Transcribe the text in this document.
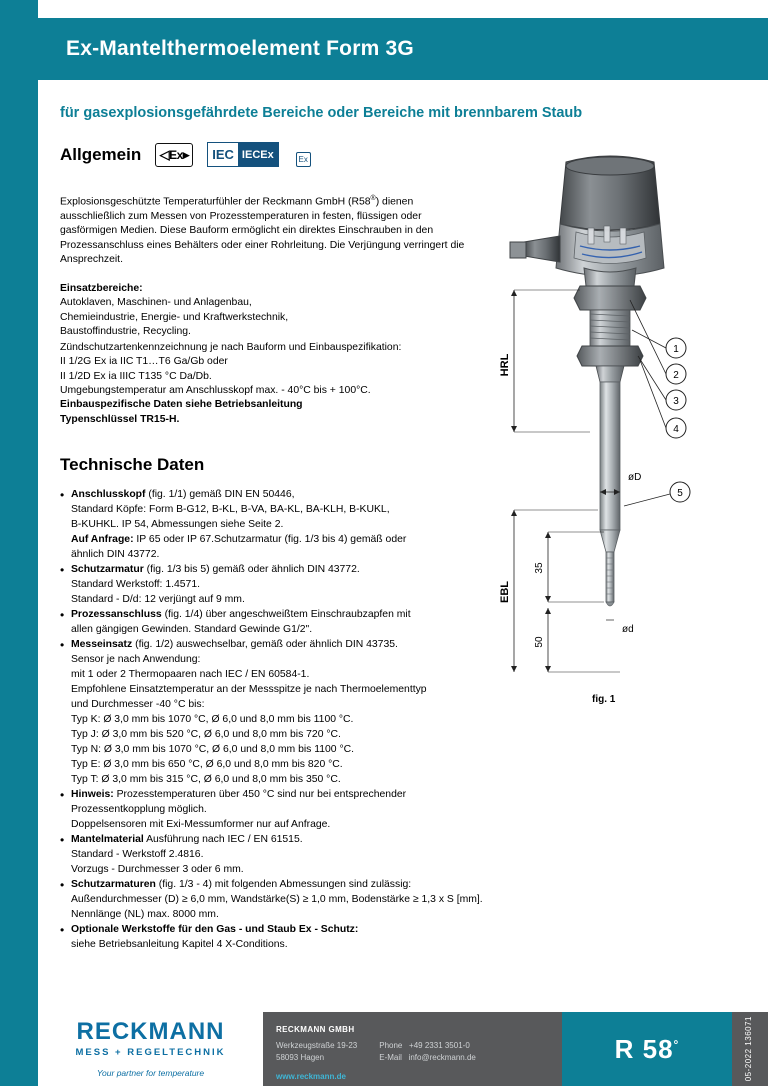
Ex-Mantelthermoelement Form 3G
für gasexplosionsgefährdete Bereiche oder Bereiche mit brennbarem Staub
Allgemein ◁ Ex ▸	IEC IECEx	Ex

Explosionsgeschützte Temperaturfühler der Reckmann GmbH (R58®) dienen ausschließlich zum Messen von Prozesstemperaturen in festen, flüssigen oder gasförmigen Medien. Diese Bauform ermöglicht ein direktes Einschrauben in den Prozessanschluss eines Behälters oder einer Rohrleitung. Die Verjüngung verringert die Ansprechzeit.

Einsatzbereiche:

Autoklaven, Maschinen- und Anlagenbau,

Chemieindustrie, Energie- und Kraftwerkstechnik,

Baustoffindustrie, Recycling.

Zündschutzartenkennzeichnung je nach Bauform und Einbauspezifikation:

II 1/2G Ex ia IIC T1…T6 Ga/Gb oder

II 1/2D Ex ia IIIC T135 °C Da/Db.

Umgebungstemperatur am Anschlusskopf max. - 40°C bis + 100°C.

Einbauspezifische Daten siehe Betriebsanleitung

Typenschlüssel TR15-H.

Technische Daten
• Anschlusskopf (fig. 1/1) gemäß DIN EN 50446,
Standard Köpfe: Form B-G12, B-KL, B-VA, BA-KL, BA-KLH, B-KUKL,
B-KUHKL. IP 54, Abmessungen siehe Seite 2.
Auf Anfrage: IP 65 oder IP 67.Schutzarmatur (fig. 1/3 bis 4) gemäß oder
ähnlich DIN 43772.
• Schutzarmatur (fig. 1/3 bis 5) gemäß oder ähnlich DIN 43772.
Standard Werkstoff: 1.4571.
Standard - D/d: 12 verjüngt auf 9 mm.
• Prozessanschluss (fig. 1/4) über angeschweißtem Einschraubzapfen mit
allen gängigen Gewinden. Standard Gewinde G1/2".
• Messeinsatz (fig. 1/2) auswechselbar, gemäß oder ähnlich DIN 43735.
Sensor je nach Anwendung:
mit 1 oder 2 Thermopaaren nach IEC / EN 60584-1.
Empfohlene Einsatztemperatur an der Messspitze je nach Thermoelementtyp
und Durchmesser -40 °C bis:
Typ K: Ø 3,0 mm bis 1070 °C, Ø 6,0 und 8,0 mm bis 1100 °C.
Typ J: Ø 3,0 mm bis 520 °C, Ø 6,0 und 8,0 mm bis 720 °C.
Typ N: Ø 3,0 mm bis 1070 °C, Ø 6,0 und 8,0 mm bis 1100 °C.
Typ E: Ø 3,0 mm bis 650 °C, Ø 6,0 und 8,0 mm bis 820 °C.
Typ T: Ø 3,0 mm bis 315 °C, Ø 6,0 und 8,0 mm bis 350 °C.
• Hinweis: Prozesstemperaturen über 450 °C sind nur bei entsprechender Prozessentkopplung möglich.
Doppelsensoren mit Exi-Messumformer nur auf Anfrage.
• Mantelmaterial Ausführung nach IEC / EN 61515.
Standard - Werkstoff 2.4816.
Vorzugs - Durchmesser 3 oder 6 mm.
• Schutzarmaturen (fig. 1/3 - 4) mit folgenden Abmessungen sind zulässig:
Außendurchmesser (D) ≥ 6,0 mm, Wandstärke(S) ≥ 1,0 mm, Bodenstärke ≥ 1,3 x S [mm].
Nennlänge (NL) max. 8000 mm.
• Optionale Werkstoffe für den Gas - und Staub Ex - Schutz:
siehe Betriebsanleitung Kapitel 4 X-Conditions.
1
2
3
4
5
HRL
EBL
35
50
øD
ød
fig. 1
RECKMANN
MESS + REGELTECHNIK
Your partner for temperature
RECKMANN GMBH
Werkzeugstraße 19-23
58093 Hagen
Phone +49 2331 3501-0
E-Mail info@reckmann.de
www.reckmann.de
R 58°	05-2022 136071
